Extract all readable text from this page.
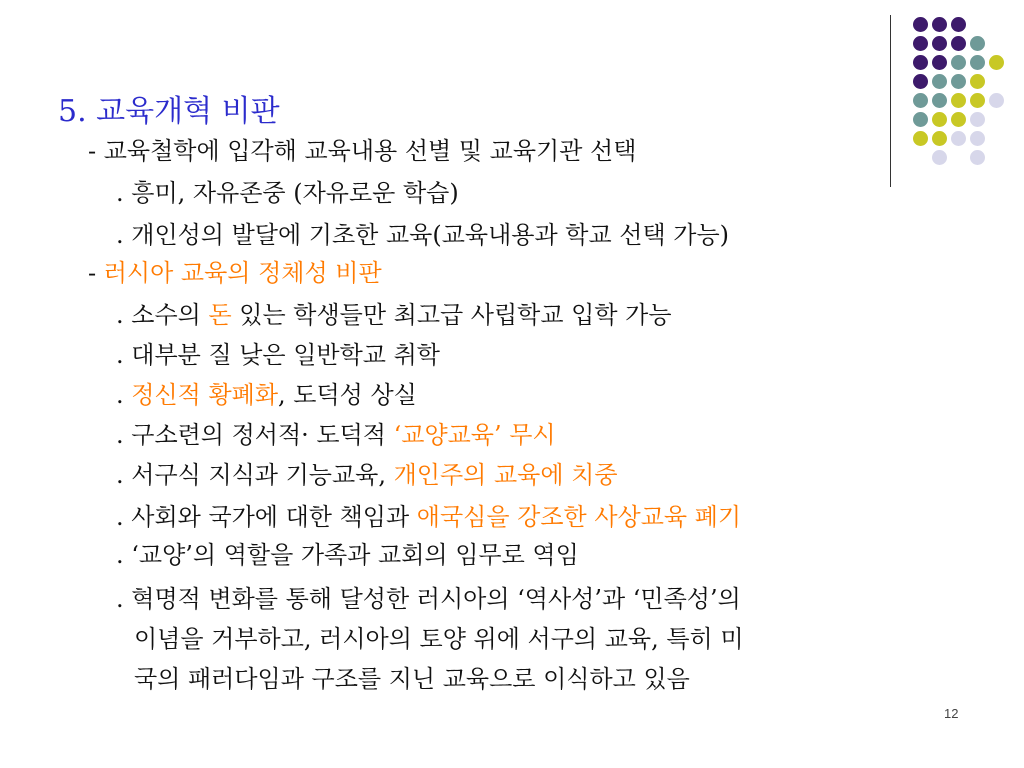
5. 교육개혁 비판
- 교육철학에 입각해 교육내용 선별 및 교육기관 선택
. 흥미, 자유존중 (자유로운 학습)
. 개인성의 발달에 기초한 교육(교육내용과 학교 선택 가능)
- 러시아 교육의 정체성 비판
. 소수의 돈 있는 학생들만 최고급 사립학교 입학 가능
. 대부분 질 낮은 일반학교 취학
. 정신적 황폐화, 도덕성 상실
. 구소련의 정서적· 도덕적 ‘교양교육’ 무시
. 서구식 지식과 기능교육, 개인주의 교육에 치중
. 사회와 국가에 대한 책임과 애국심을 강조한 사상교육 폐기
. ‘교양’의 역할을 가족과 교회의 임무로 역임
. 혁명적 변화를 통해 달성한 러시아의 ‘역사성’과 ‘민족성’의
이념을 거부하고, 러시아의 토양 위에 서구의 교육, 특히 미
국의 패러다임과 구조를 지닌 교육으로 이식하고 있음
12
